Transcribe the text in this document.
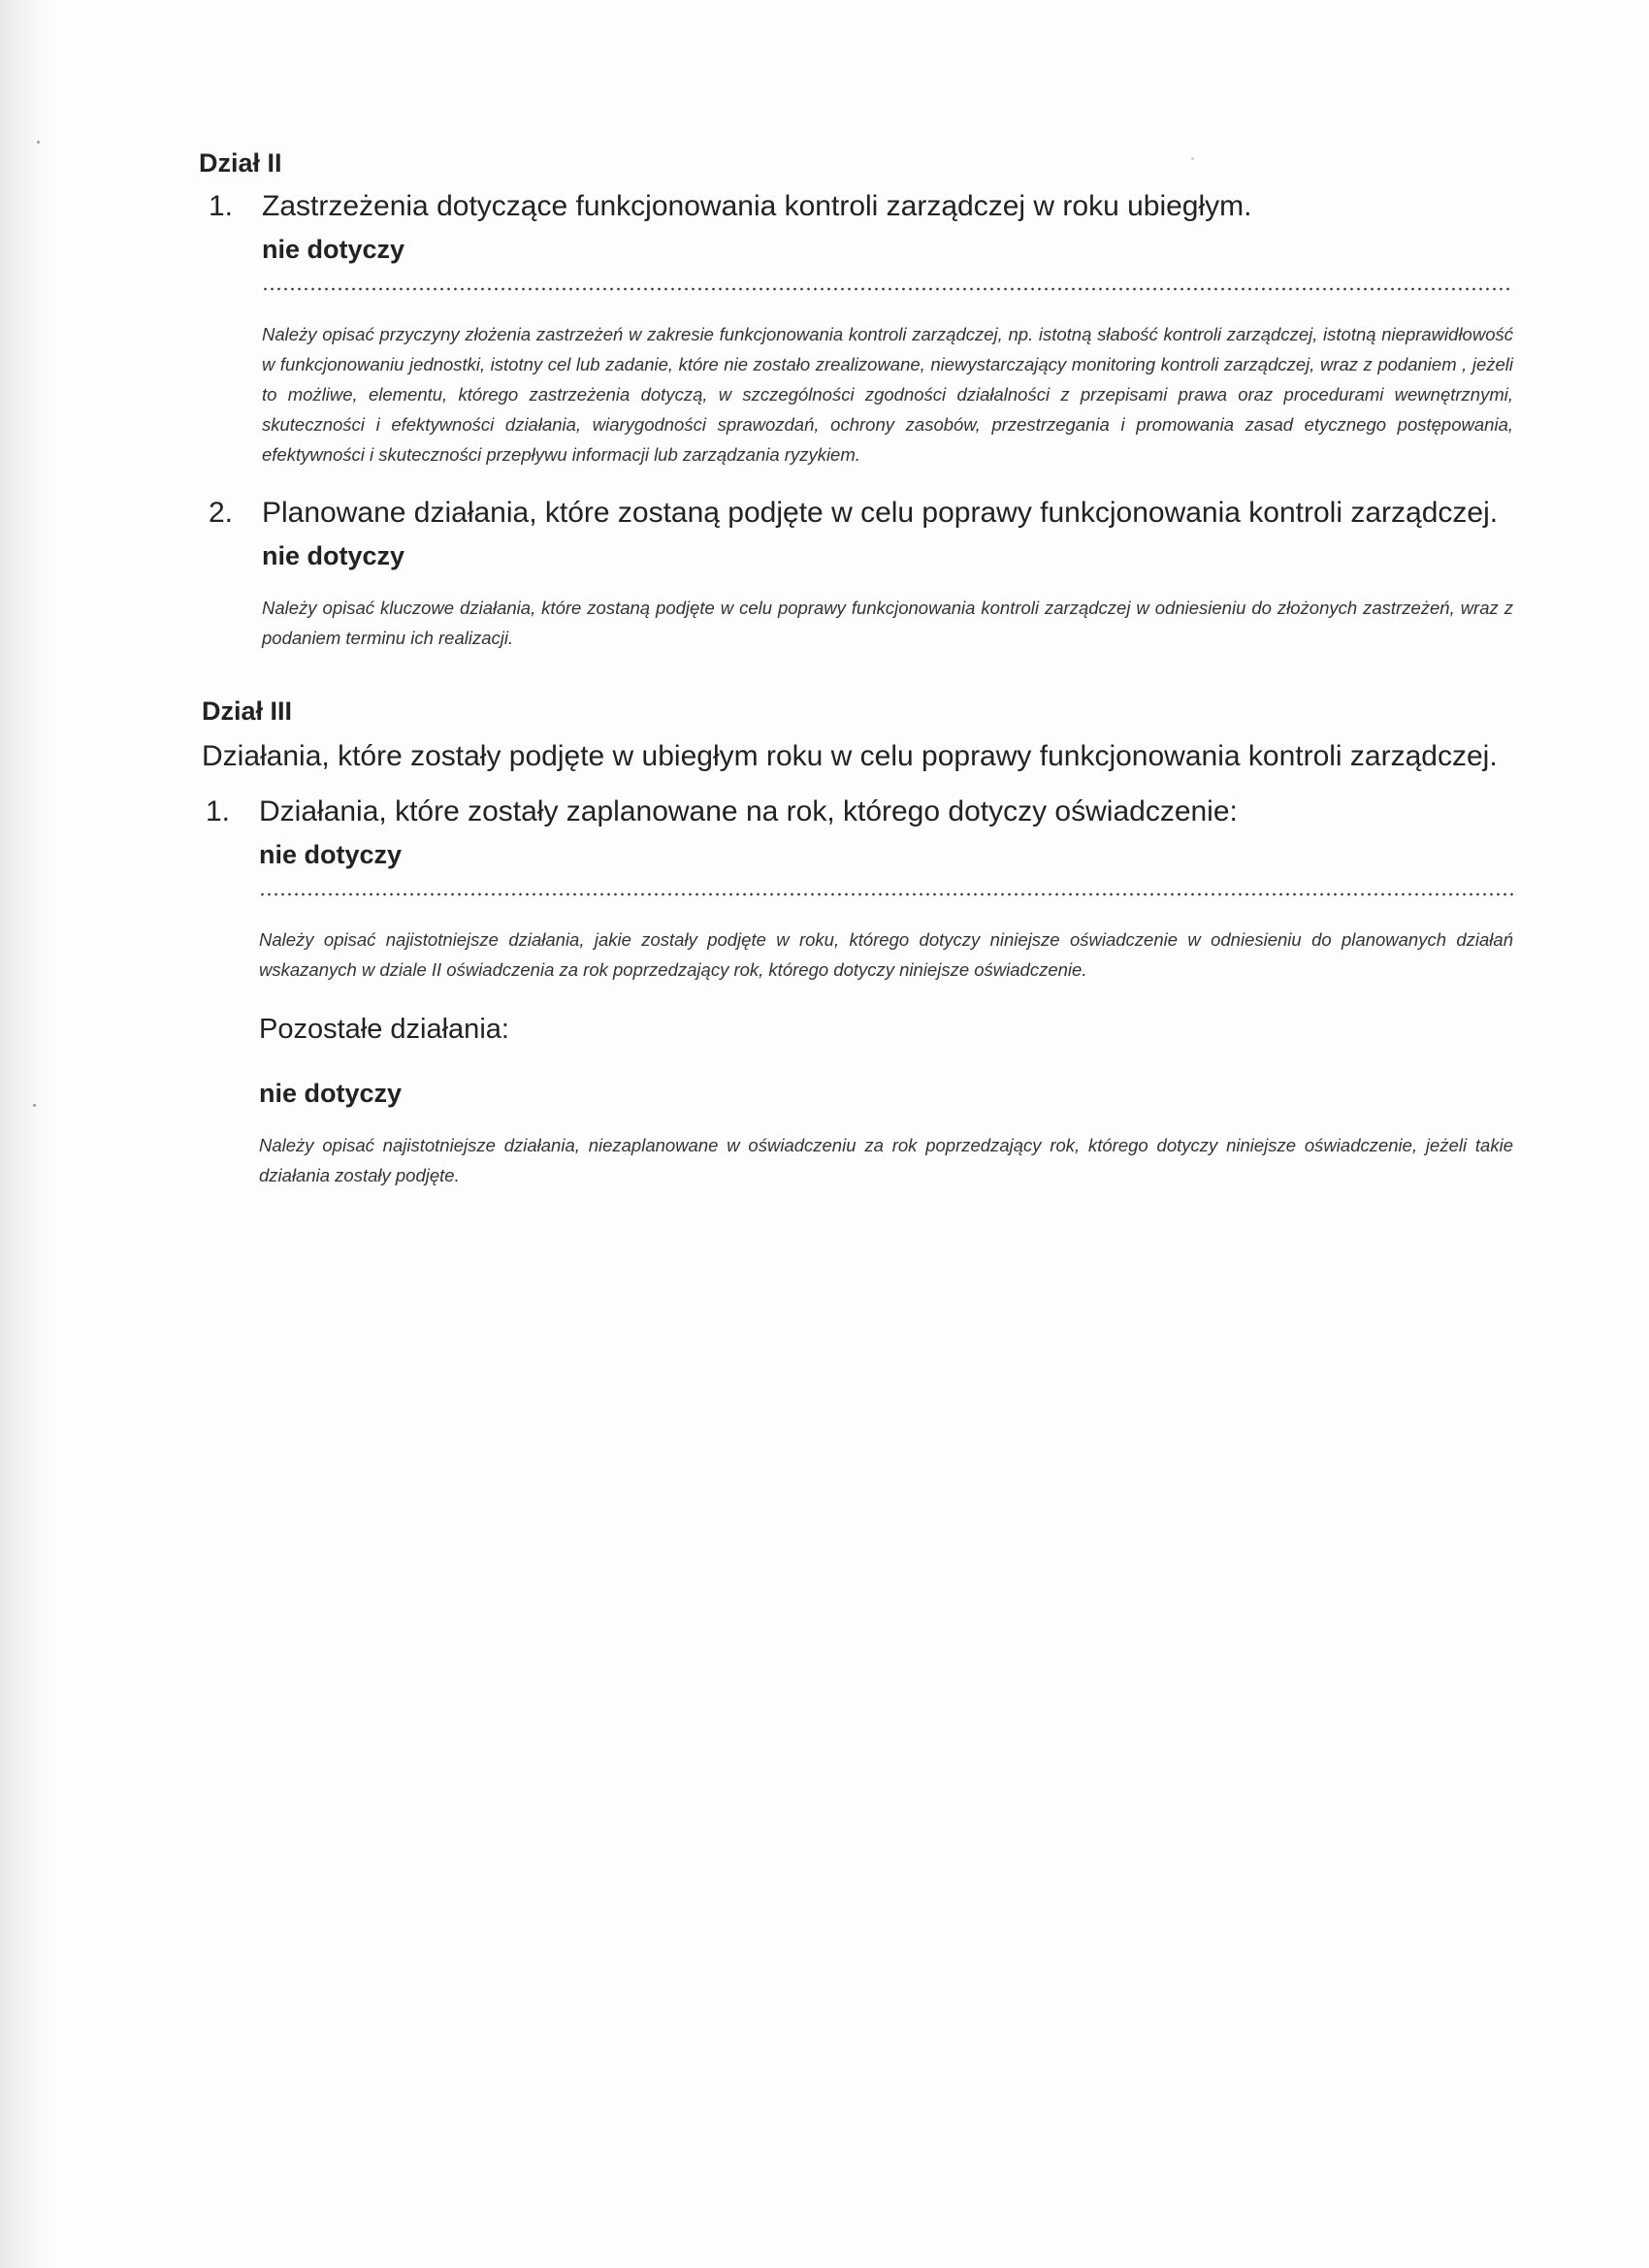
Dział II

1. Zastrzeżenia dotyczące funkcjonowania kontroli zarządczej w roku ubiegłym.

nie dotyczy

Należy opisać przyczyny złożenia zastrzeżeń w zakresie funkcjonowania kontroli zarządczej, np. istotną słabość kontroli zarządczej, istotną nieprawidłowość w funkcjonowaniu jednostki, istotny cel lub zadanie, które nie zostało zrealizowane, niewystarczający monitoring kontroli zarządczej, wraz z podaniem , jeżeli to możliwe, elementu, którego zastrzeżenia dotyczą, w szczególności zgodności działalności z przepisami prawa oraz procedurami wewnętrznymi, skuteczności i efektywności działania, wiarygodności sprawozdań, ochrony zasobów, przestrzegania i promowania zasad etycznego postępowania, efektywności i skuteczności przepływu informacji lub zarządzania ryzykiem.

2. Planowane działania, które zostaną podjęte w celu poprawy funkcjonowania kontroli zarządczej.

nie dotyczy

Należy opisać kluczowe działania, które zostaną podjęte w celu poprawy funkcjonowania kontroli zarządczej w odniesieniu do złożonych zastrzeżeń, wraz z podaniem terminu ich realizacji.

Dział III

Działania, które zostały podjęte w ubiegłym roku w celu poprawy funkcjonowania kontroli zarządczej.

1. Działania, które zostały zaplanowane na rok, którego dotyczy oświadczenie:

nie dotyczy

Należy opisać najistotniejsze działania, jakie zostały podjęte w roku, którego dotyczy niniejsze oświadczenie w odniesieniu do planowanych działań wskazanych w dziale II oświadczenia za rok poprzedzający rok, którego dotyczy niniejsze oświadczenie.

Pozostałe działania:

nie dotyczy

Należy opisać najistotniejsze działania, niezaplanowane w oświadczeniu za rok poprzedzający rok, którego dotyczy niniejsze oświadczenie, jeżeli takie działania zostały podjęte.
